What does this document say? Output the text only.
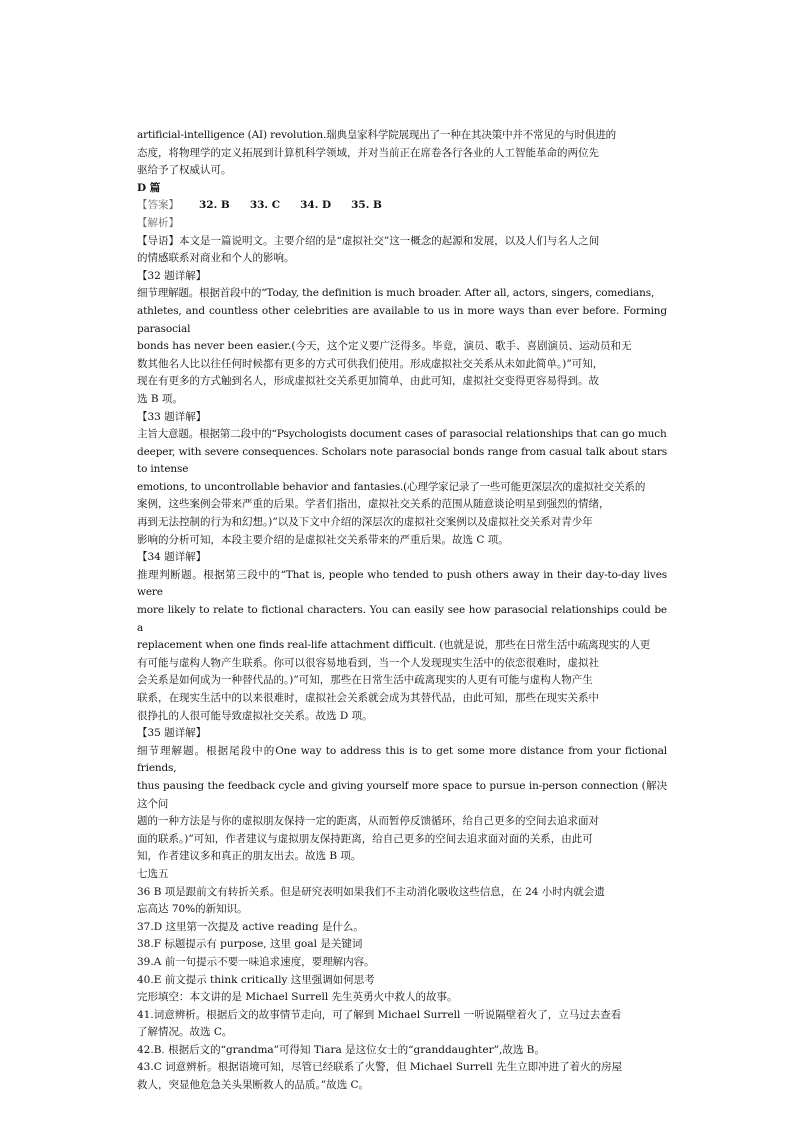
artificial-intelligence (AI) revolution.瑞典皇家科学院展现出了一种在其决策中并不常见的与时俱进的

态度，将物理学的定义拓展到计算机科学领域，并对当前正在席卷各行各业的人工智能革命的两位先

驱给予了权威认可。

D 篇

【答案】 32. B 33. C 34. D 35. B

【解析】

【导语】本文是一篇说明文。主要介绍的是“虚拟社交”这一概念的起源和发展，以及人们与名人之间

的情感联系对商业和个人的影响。

【32 题详解】

细节理解题。根据首段中的“Today, the definition is much broader. After all, actors, singers, comedians,

athletes, and countless other celebrities are available to us in more ways than ever before. Forming parasocial

bonds has never been easier.(今天，这个定义要广泛得多。毕竟，演员、歌手、喜剧演员、运动员和无

数其他名人比以往任何时候都有更多的方式可供我们使用。形成虚拟社交关系从未如此简单。)”可知，

现在有更多的方式触到名人，形成虚拟社交关系更加简单，由此可知，虚拟社交变得更容易得到。故

选 B 项。

【33 题详解】

主旨大意题。根据第二段中的“Psychologists document cases of parasocial relationships that can go much

deeper, with severe consequences. Scholars note parasocial bonds range from casual talk about stars to intense

emotions, to uncontrollable behavior and fantasies.(心理学家记录了一些可能更深层次的虚拟社交关系的

案例，这些案例会带来严重的后果。学者们指出，虚拟社交关系的范围从随意谈论明星到强烈的情绪，

再到无法控制的行为和幻想。)”以及下文中介绍的深层次的虚拟社交案例以及虚拟社交关系对青少年

影响的分析可知，本段主要介绍的是虚拟社交关系带来的严重后果。故选 C 项。

【34 题详解】

推理判断题。根据第三段中的“That is, people who tended to push others away in their day-to-day lives were

more likely to relate to fictional characters. You can easily see how parasocial relationships could be a

replacement when one finds real-life attachment difficult. (也就是说，那些在日常生活中疏离现实的人更

有可能与虚构人物产生联系。你可以很容易地看到，当一个人发现现实生活中的依恋很难时，虚拟社

会关系是如何成为一种替代品的。)”可知，那些在日常生活中疏离现实的人更有可能与虚构人物产生

联系，在现实生活中的以来很难时，虚拟社会关系就会成为其替代品，由此可知，那些在现实关系中

很挣扎的人很可能导致虚拟社交关系。故选 D 项。

【35 题详解】

细节理解题。根据尾段中的One way to address this is to get some more distance from your fictional friends,

thus pausing the feedback cycle and giving yourself more space to pursue in-person connection (解决这个问

题的一种方法是与你的虚拟朋友保持一定的距离，从而暂停反馈循环，给自己更多的空间去追求面对

面的联系。)”可知，作者建议与虚拟朋友保持距离，给自己更多的空间去追求面对面的关系，由此可

知，作者建议多和真正的朋友出去。故选 B 项。

七选五

36 B 项是跟前文有转折关系。但是研究表明如果我们不主动消化吸收这些信息，在 24 小时内就会遗

忘高达 70%的新知识。

37.D 这里第一次提及 active reading 是什么。

38.F 标题提示有 purpose, 这里 goal 是关键词

39.A 前一句提示不要一味追求速度，要理解内容。

40.E 前文提示 think critically 这里强调如何思考

完形填空：本文讲的是 Michael Surrell 先生英勇火中救人的故事。

41.词意辨析。根据后文的故事情节走向，可了解到 Michael Surrell 一听说隔壁着火了，立马过去查看

了解情况。故选 C。

42.B. 根据后文的“grandma”可得知 Tiara 是这位女士的“granddaughter”,故选 B。

43.C 词意辨析。根据语境可知，尽管已经联系了火警，但 Michael Surrell 先生立即冲进了着火的房屋

救人，突显他危急关头果断救人的品质。”故选 C。
